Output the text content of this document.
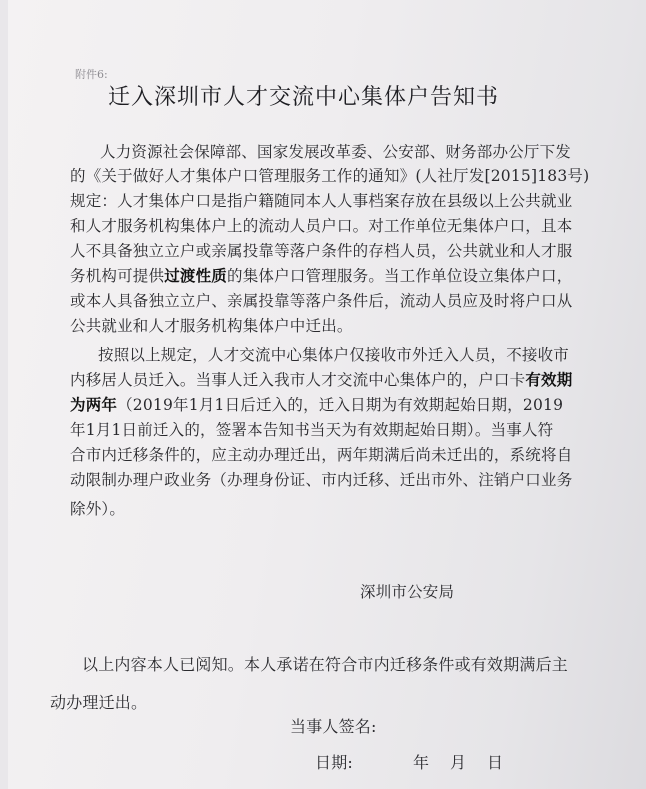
附件6:
迁入深圳市人才交流中心集体户告知书
人力资源社会保障部、国家发展改革委、公安部、财务部办公厅下发
的《关于做好人才集体户口管理服务工作的通知》(人社厅发[2015]183号)
规定：人才集体户口是指户籍随同本人人事档案存放在县级以上公共就业
和人才服务机构集体户上的流动人员户口。对工作单位无集体户口，且本
人不具备独立立户或亲属投靠等落户条件的存档人员，公共就业和人才服
务机构可提供过渡性质的集体户口管理服务。当工作单位设立集体户口，
或本人具备独立立户、亲属投靠等落户条件后，流动人员应及时将户口从
公共就业和人才服务机构集体户中迁出。
按照以上规定，人才交流中心集体户仅接收市外迁入人员，不接收市
内移居人员迁入。当事人迁入我市人才交流中心集体户的，户口卡有效期
为两年（2019年1月1日后迁入的，迁入日期为有效期起始日期，2019
年1月1日前迁入的，签署本告知书当天为有效期起始日期）。当事人符
合市内迁移条件的，应主动办理迁出，两年期满后尚未迁出的，系统将自
动限制办理户政业务（办理身份证、市内迁移、迁出市外、注销户口业务
除外）。
深圳市公安局
以上内容本人已阅知。本人承诺在符合市内迁移条件或有效期满后主
动办理迁出。
当事人签名:
日期:	年 月 日
